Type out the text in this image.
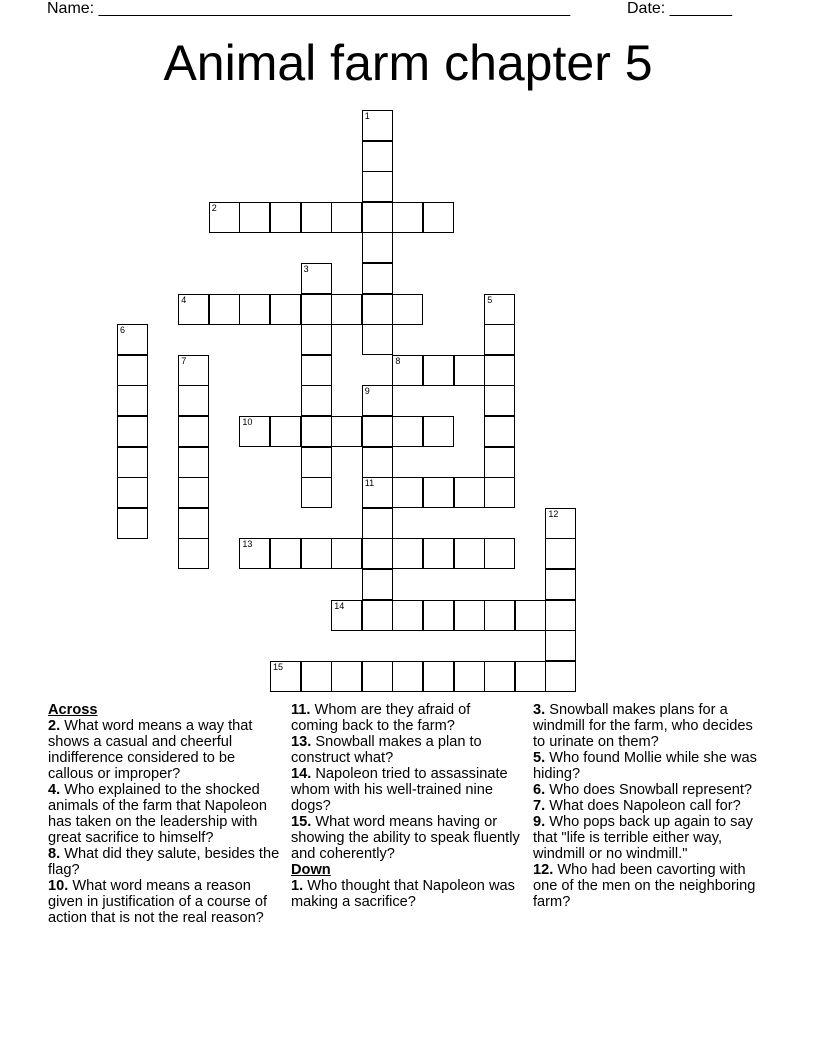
Name: _____________________________________________________

	Date: _______

Animal farm chapter 5
1
2
3
4	5
6
7	8
9
11
10
12
13
14
15
Across

2. What word means a way that shows a casual and cheerful indifference considered to be callous or improper?

4. Who explained to the shocked animals of the farm that Napoleon has taken on the leadership with great sacrifice to himself?

8. What did they salute, besides the flag?

10. What word means a reason given in justification of a course of action that is not the real reason?

11. Whom are they afraid of coming back to the farm?

13. Snowball makes a plan to construct what?

14. Napoleon tried to assassinate whom with his well-trained nine dogs?

15. What word means having or showing the ability to speak fluently and coherently?

Down

1. Who thought that Napoleon was making a sacrifice?

3. Snowball makes plans for a windmill for the farm, who decides to urinate on them?

5. Who found Mollie while she was hiding?

6. Who does Snowball represent?

7. What does Napoleon call for?

9. Who pops back up again to say that "life is terrible either way, windmill or no windmill."

12. Who had been cavorting with one of the men on the neighboring farm?
